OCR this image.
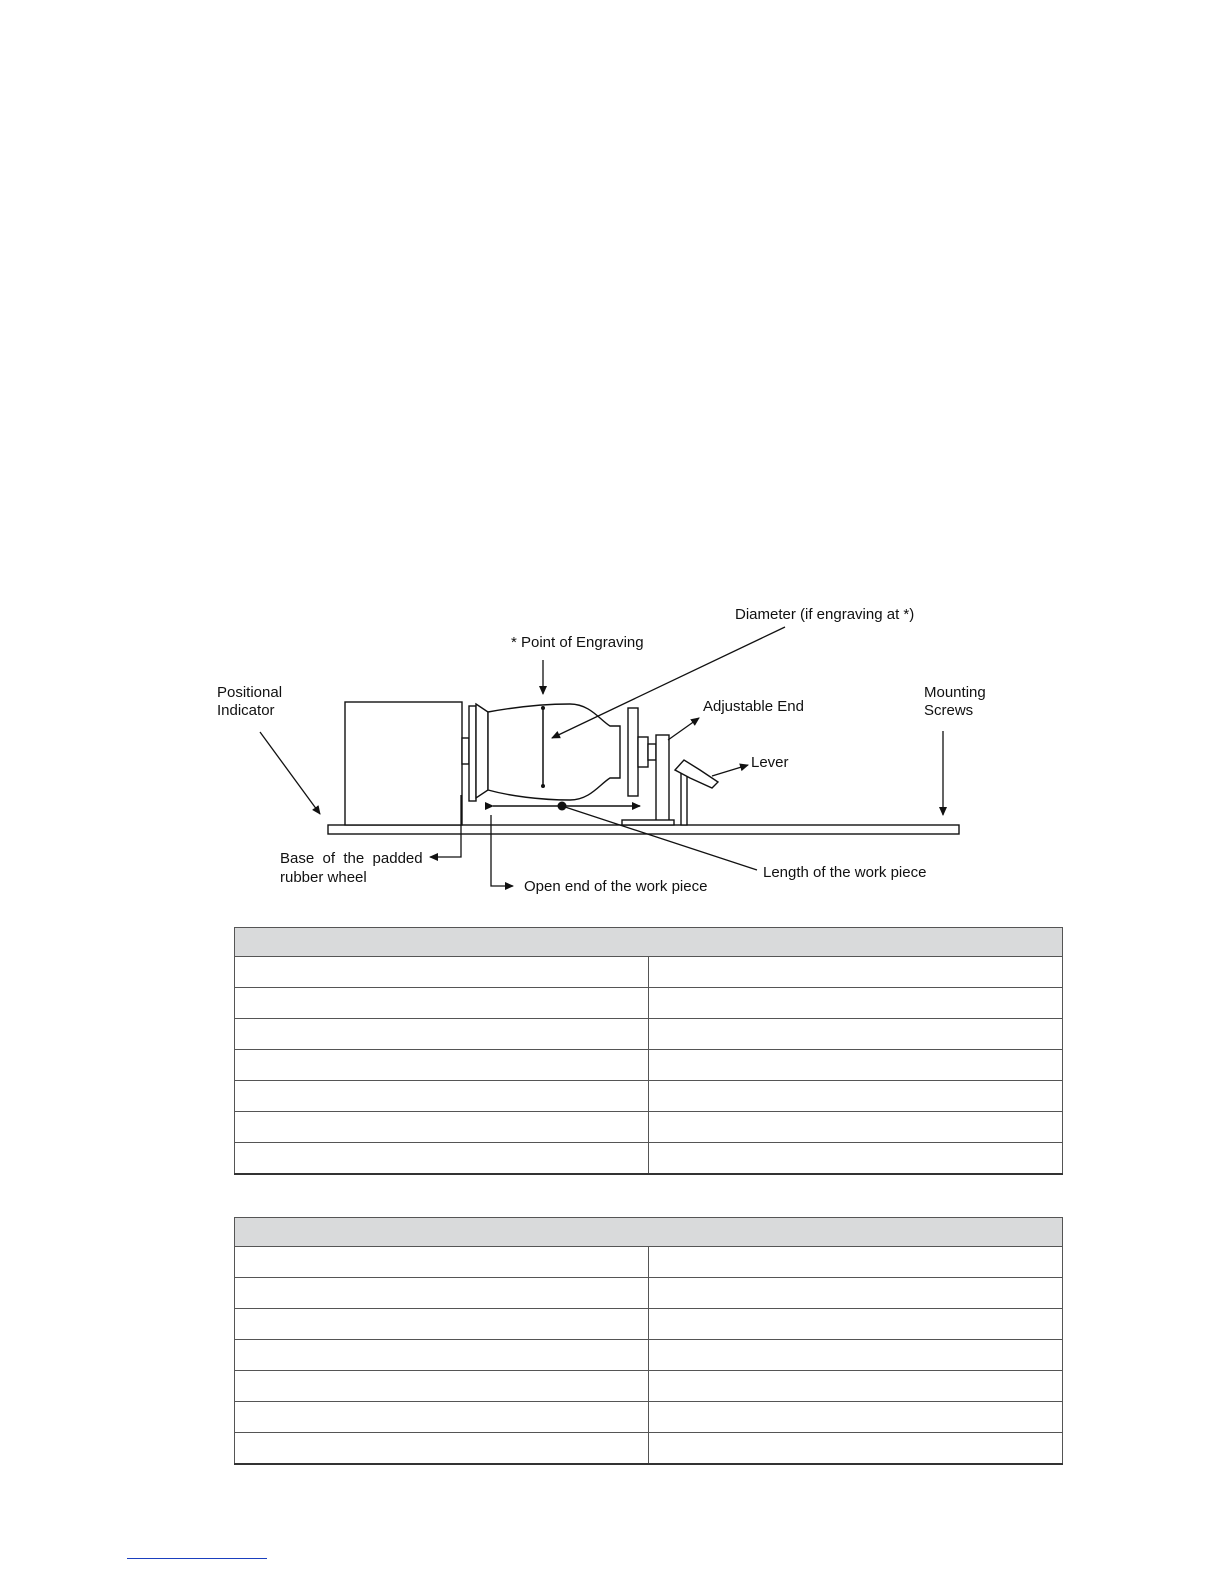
Positional
Indicator
* Point of Engraving
Diameter (if engraving at *)
Adjustable End
Mounting
Screws
Lever
Base  of  the  padded
rubber wheel
Open end of the work piece
Length of the work piece
